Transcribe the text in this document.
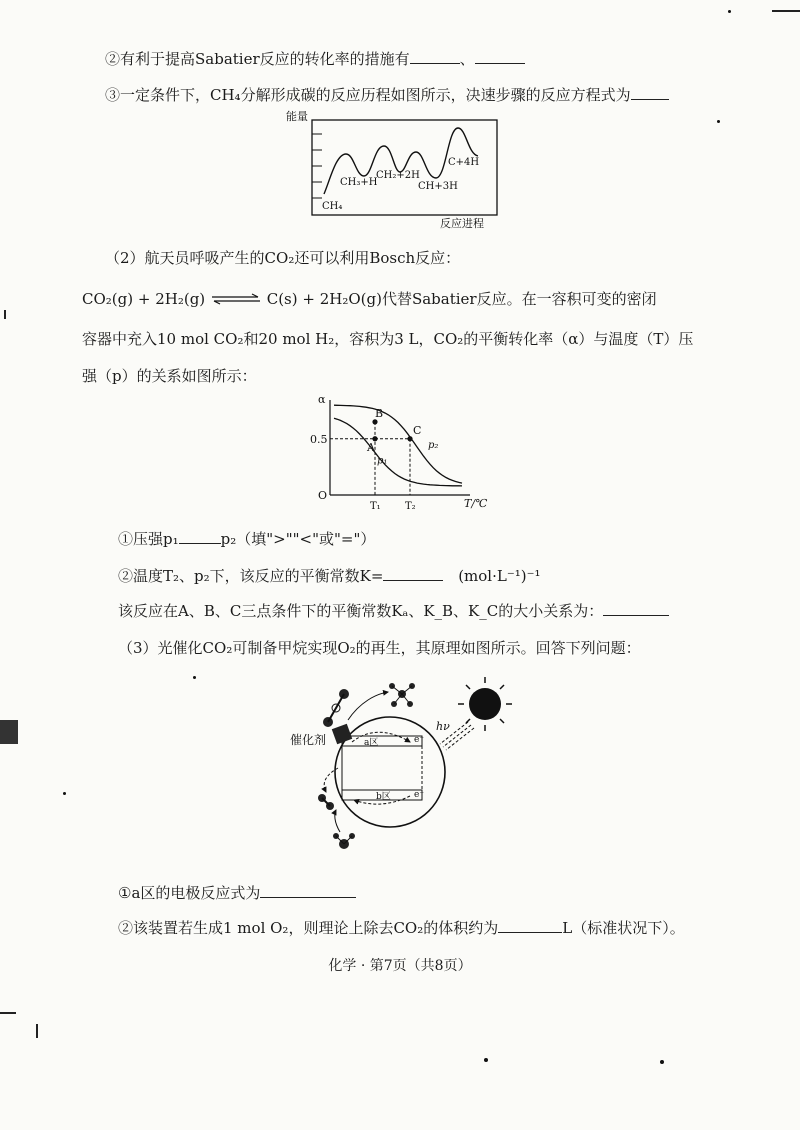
②有利于提高Sabatier反应的转化率的措施有	、
③一定条件下，CH₄分解形成碳的反应历程如图所示，决速步骤的反应方程式为
能量
反应进程
CH₄
CH₃+H
CH₂+2H
CH+3H
C+4H
（2）航天员呼吸产生的CO₂还可以利用Bosch反应：
CO₂(g) + 2H₂(g) ⇌ C(s) + 2H₂O(g)代替Sabatier反应。在一容积可变的密闭
容器中充入10 mol CO₂和20 mol H₂，容积为3 L，CO₂的平衡转化率（α）与温度（T）压
强（p）的关系如图所示：
α
T/℃
0.5
O
T₁ T₂
p₁
p₂
A
B
C
①压强p₁	p₂（填">""<"或"="）
②温度T₂、p₂下，该反应的平衡常数K=	(mol·L⁻¹)⁻¹
该反应在A、B、C三点条件下的平衡常数Kₐ、K_B、K_C的大小关系为：
（3）光催化CO₂可制备甲烷实现O₂的再生，其原理如图所示。回答下列问题：
hν
a区
b区
e⁻
e⁻
催化剂
①a区的电极反应式为
②该装置若生成1 mol O₂，则理论上除去CO₂的体积约为	L（标准状况下）。
化学 · 第7页（共8页）
